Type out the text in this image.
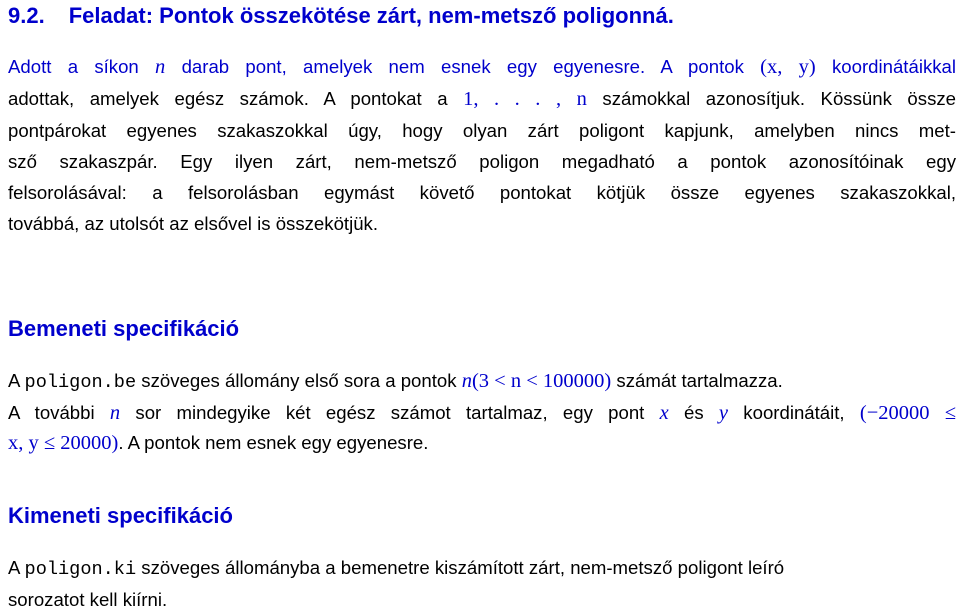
9.2. Feladat: Pontok összekötése zárt, nem-metsző poligonná.
Adott a síkon n darab pont, amelyek nem esnek egy egyenesre. A pontok (x, y) koordinátáikkal
adottak, amelyek egész számok. A pontokat a 1, . . . , n számokkal azonosítjuk. Kössünk össze
pontpárokat egyenes szakaszokkal úgy, hogy olyan zárt poligont kapjunk, amelyben nincs met-
sző szakaszpár. Egy ilyen zárt, nem-metsző poligon megadható a pontok azonosítóinak egy
felsorolásával: a felsorolásban egymást követő pontokat kötjük össze egyenes szakaszokkal,
továbbá, az utolsót az elsővel is összekötjük.
Bemeneti specifikáció
A poligon.be szöveges állomány első sora a pontok n(3 < n < 100000) számát tartalmazza.
A további n sor mindegyike két egész számot tartalmaz, egy pont x és y koordinátáit, (−20000 ≤
x, y ≤ 20000). A pontok nem esnek egy egyenesre.
Kimeneti specifikáció
A poligon.ki szöveges állományba a bemenetre kiszámított zárt, nem-metsző poligont leíró
sorozatot kell kiírni.
